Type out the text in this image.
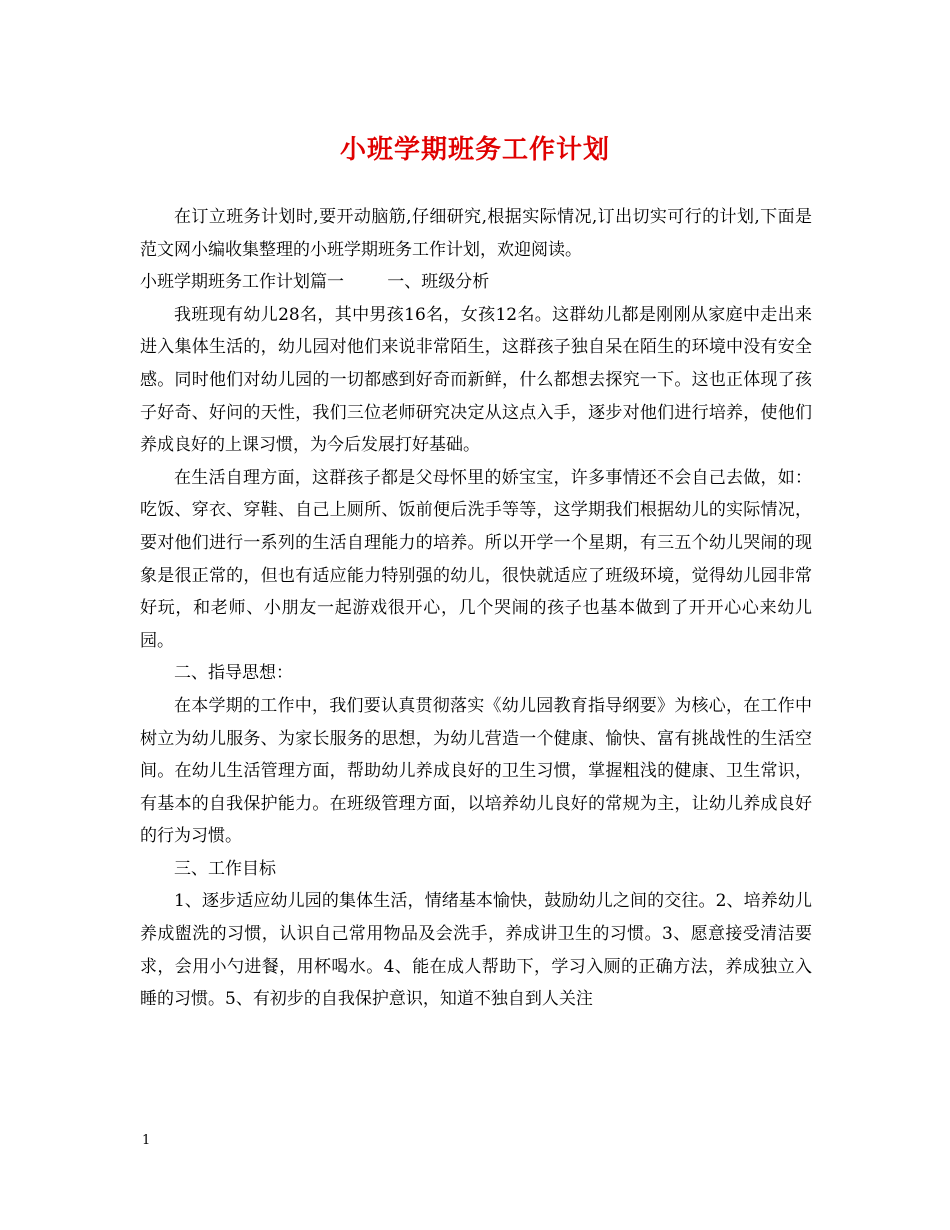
小班学期班务工作计划

在订立班务计划时,要开动脑筋,仔细研究,根据实际情况,订出切实可行的计划,下面是范文网小编收集整理的小班学期班务工作计划，欢迎阅读。

小班学期班务工作计划篇一	一、班级分析

我班现有幼儿28名，其中男孩16名，女孩12名。这群幼儿都是刚刚从家庭中走出来进入集体生活的，幼儿园对他们来说非常陌生，这群孩子独自呆在陌生的环境中没有安全感。同时他们对幼儿园的一切都感到好奇而新鲜，什么都想去探究一下。这也正体现了孩子好奇、好问的天性，我们三位老师研究决定从这点入手，逐步对他们进行培养，使他们养成良好的上课习惯，为今后发展打好基础。

在生活自理方面，这群孩子都是父母怀里的娇宝宝，许多事情还不会自己去做，如：吃饭、穿衣、穿鞋、自己上厕所、饭前便后洗手等等，这学期我们根据幼儿的实际情况，要对他们进行一系列的生活自理能力的培养。所以开学一个星期，有三五个幼儿哭闹的现象是很正常的，但也有适应能力特别强的幼儿，很快就适应了班级环境，觉得幼儿园非常好玩，和老师、小朋友一起游戏很开心，几个哭闹的孩子也基本做到了开开心心来幼儿园。

二、指导思想：

在本学期的工作中，我们要认真贯彻落实《幼儿园教育指导纲要》为核心，在工作中树立为幼儿服务、为家长服务的思想，为幼儿营造一个健康、愉快、富有挑战性的生活空间。在幼儿生活管理方面，帮助幼儿养成良好的卫生习惯，掌握粗浅的健康、卫生常识，有基本的自我保护能力。在班级管理方面，以培养幼儿良好的常规为主，让幼儿养成良好的行为习惯。

三、工作目标

1、逐步适应幼儿园的集体生活，情绪基本愉快，鼓励幼儿之间的交往。2、培养幼儿养成盥洗的习惯，认识自己常用物品及会洗手，养成讲卫生的习惯。3、愿意接受清洁要求，会用小勺进餐，用杯喝水。4、能在成人帮助下，学习入厕的正确方法，养成独立入睡的习惯。5、有初步的自我保护意识，知道不独自到人关注

1
